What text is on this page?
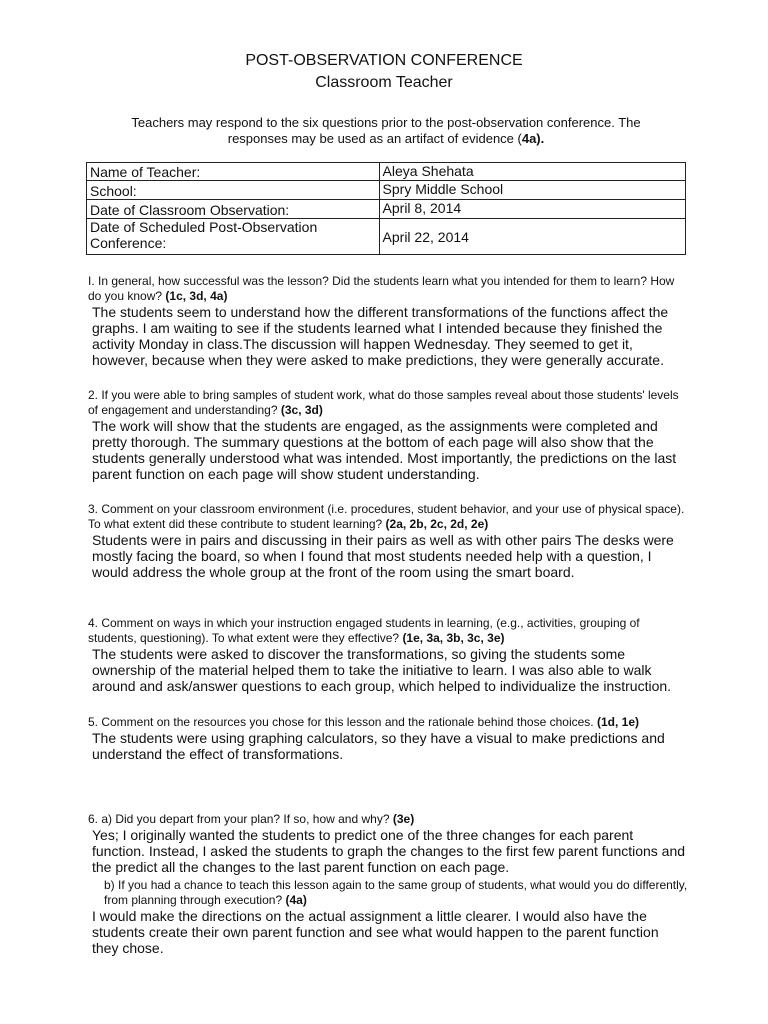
POST-OBSERVATION CONFERENCE
Classroom Teacher
Teachers may respond to the six questions prior to the post-observation conference. The responses may be used as an artifact of evidence (4a).
Name of Teacher:	Aleya Shehata
School:	Spry Middle School
Date of Classroom Observation:	April 8, 2014
Date of Scheduled Post-Observation Conference:	April 22, 2014
I. In general, how successful was the lesson? Did the students learn what you intended for them to learn? How do you know? (1c, 3d, 4a)
The students seem to understand how the different transformations of the functions affect the graphs. I am waiting to see if the students learned what I intended because they finished the activity Monday in class.The discussion will happen Wednesday. They seemed to get it, however, because when they were asked to make predictions, they were generally accurate.
2. If you were able to bring samples of student work, what do those samples reveal about those students' levels of engagement and understanding? (3c, 3d)
The work will show that the students are engaged, as the assignments were completed and pretty thorough. The summary questions at the bottom of each page will also show that the students generally understood what was intended. Most importantly, the predictions on the last parent function on each page will show student understanding.
3. Comment on your classroom environment (i.e. procedures, student behavior, and your use of physical space). To what extent did these contribute to student learning? (2a, 2b, 2c, 2d, 2e)
Students were in pairs and discussing in their pairs as well as with other pairs The desks were mostly facing the board, so when I found that most students needed help with a question, I would address the whole group at the front of the room using the smart board.
4. Comment on ways in which your instruction engaged students in learning, (e.g., activities, grouping of students, questioning). To what extent were they effective? (1e, 3a, 3b, 3c, 3e)
The students were asked to discover the transformations, so giving the students some ownership of the material helped them to take the initiative to learn. I was also able to walk around and ask/answer questions to each group, which helped to individualize the instruction.
5. Comment on the resources you chose for this lesson and the rationale behind those choices. (1d, 1e)
The students were using graphing calculators, so they have a visual to make predictions and understand the effect of transformations.
6. a) Did you depart from your plan? If so, how and why? (3e)
Yes; I originally wanted the students to predict one of the three changes for each parent function. Instead, I asked the students to graph the changes to the first few parent functions and the predict all the changes to the last parent function on each page.
b) If you had a chance to teach this lesson again to the same group of students, what would you do differently, from planning through execution? (4a)
I would make the directions on the actual assignment a little clearer. I would also have the students create their own parent function and see what would happen to the parent function they chose.
